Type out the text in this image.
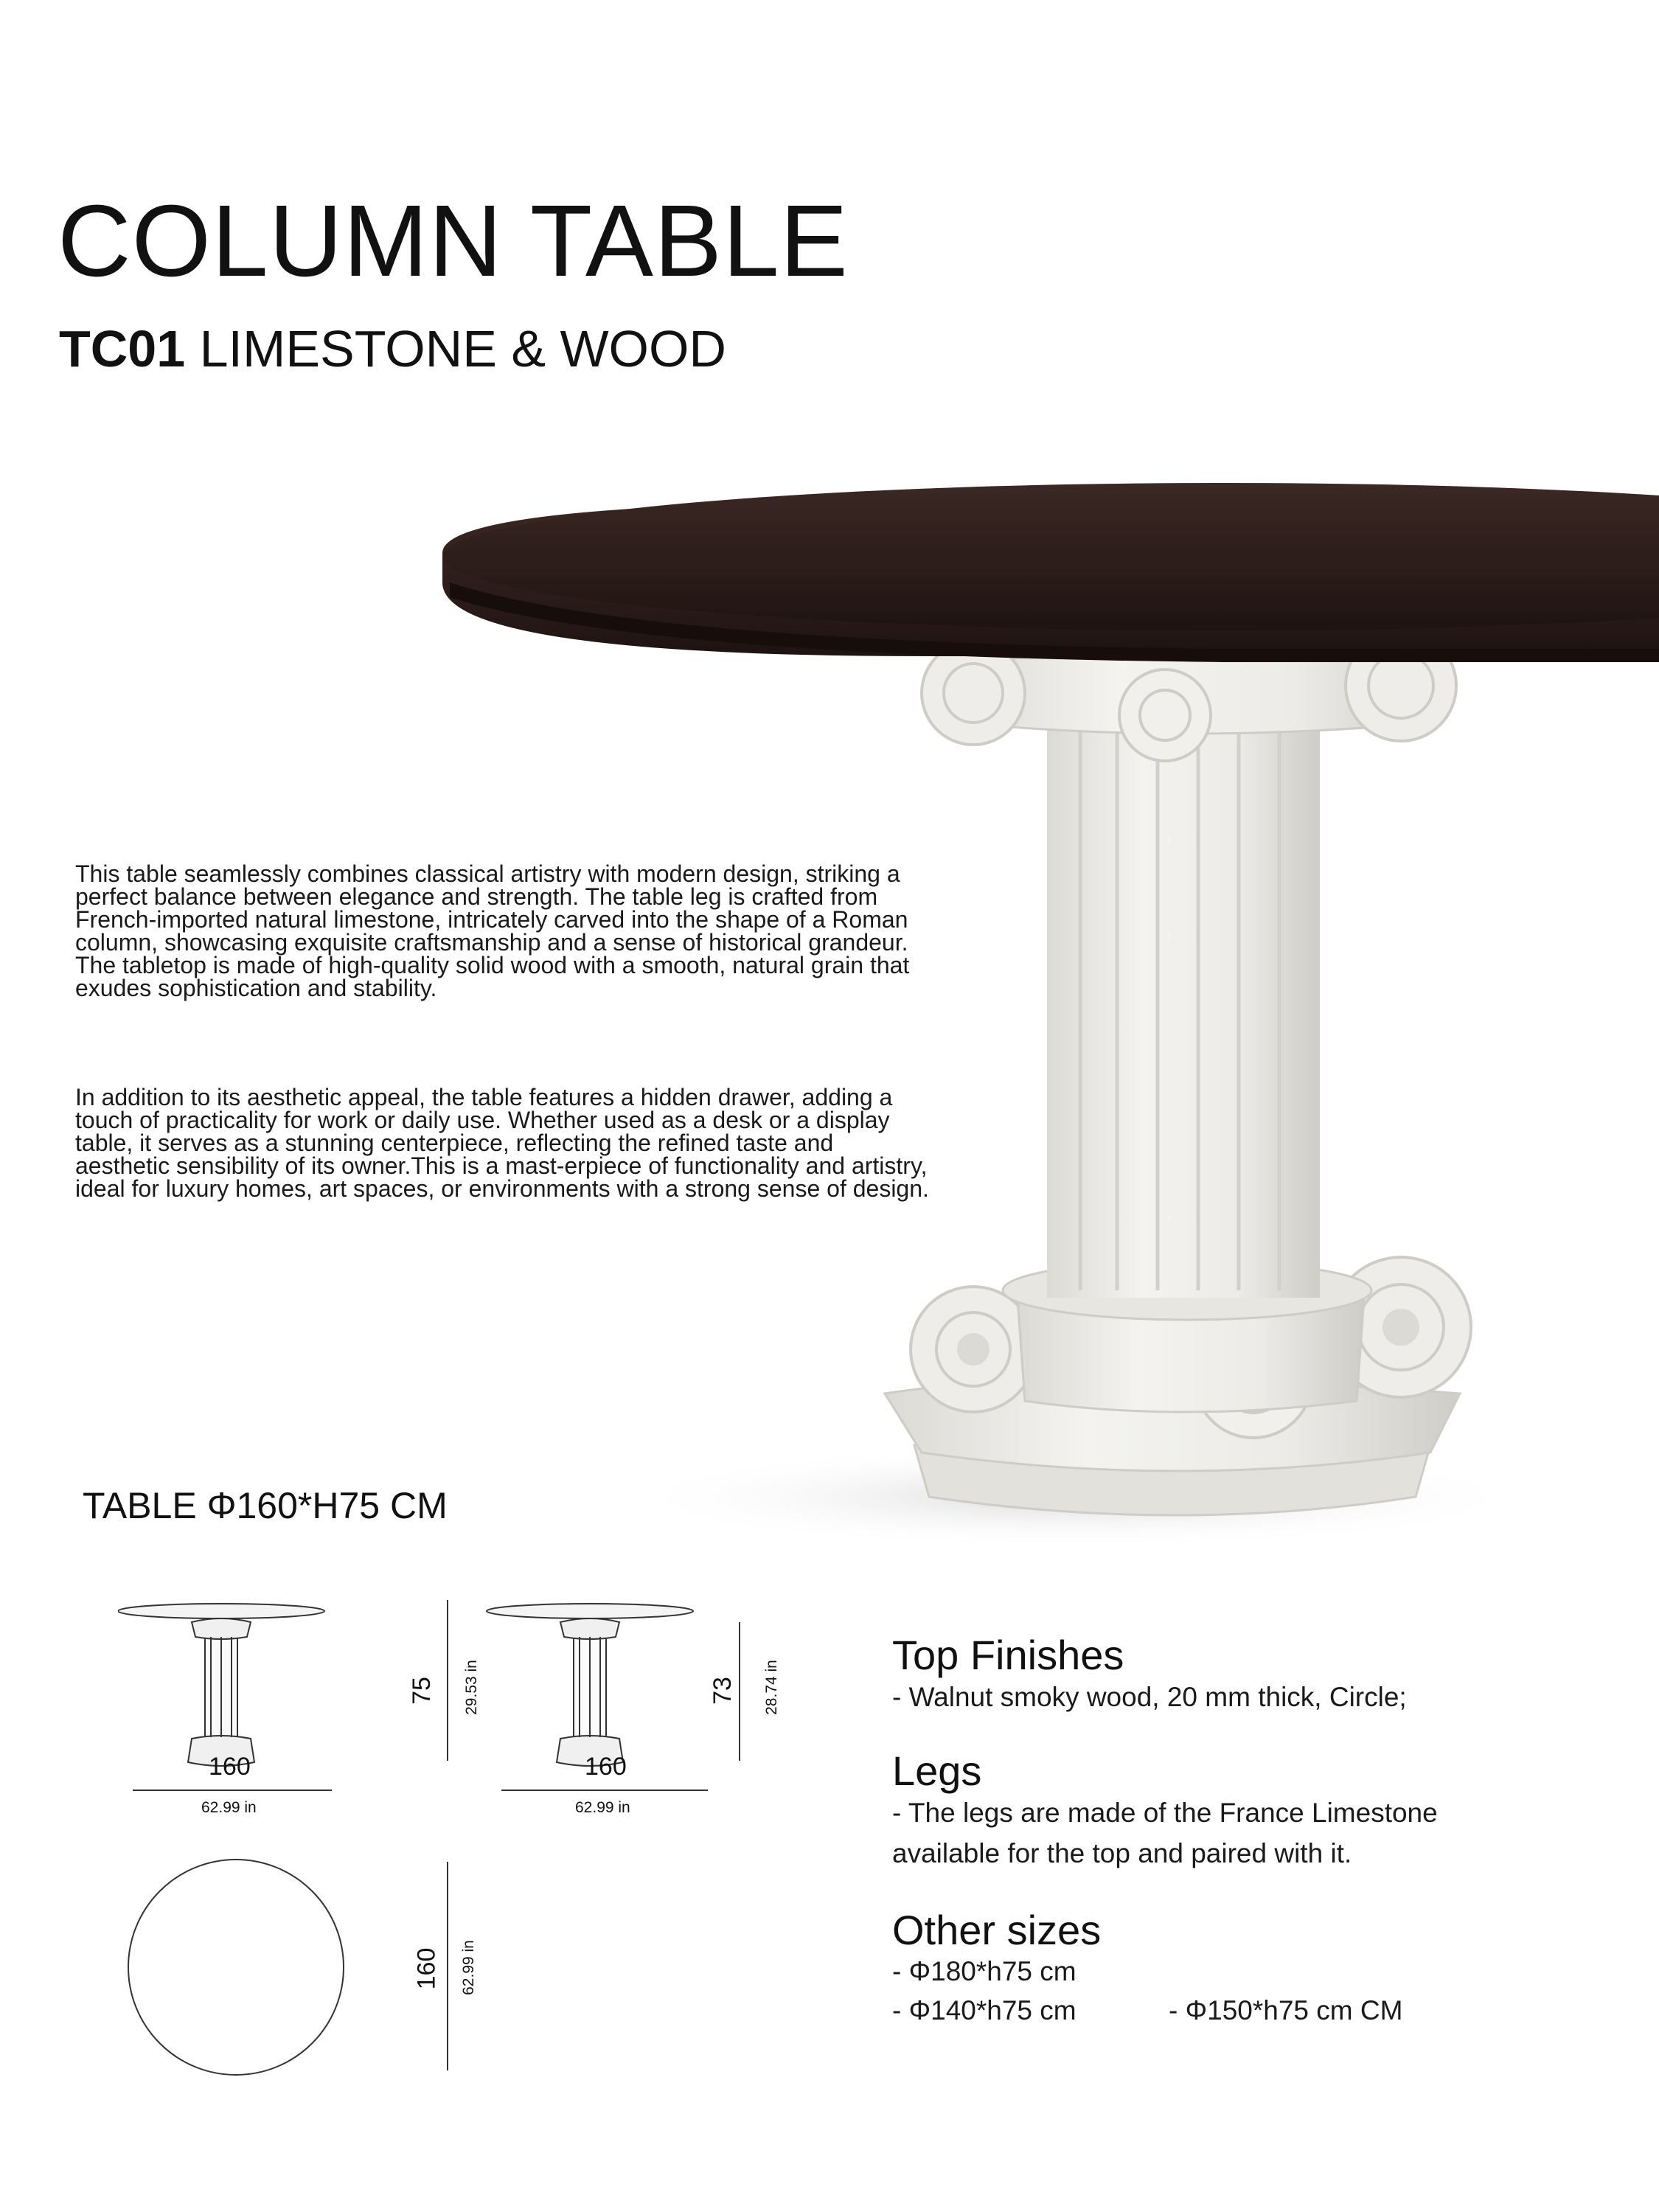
COLUMN TABLE
TC01 LIMESTONE & WOOD
This table seamlessly combines classical artistry with modern design, striking a perfect balance between elegance and strength. The table leg is crafted from French-imported natural limestone, intricately carved into the shape of a Roman column, showcasing exquisite craftsmanship and a sense of historical grandeur. The tabletop is made of high-quality solid wood with a smooth, natural grain that exudes sophistication and stability.
In addition to its aesthetic appeal, the table features a hidden drawer, adding a touch of practicality for work or daily use. Whether used as a desk or a display table, it serves as a stunning centerpiece, reflecting the refined taste and aesthetic sensibility of its owner.This is a mast-erpiece of functionality and artistry, ideal for luxury homes, art spaces, or environments with a strong sense of design.
TABLE Φ160*H75 CM
160
62.99 in
75 29.53 in
160
62.99 in
73 28.74 in
160 62.99 in
Top Finishes
- Walnut smoky wood, 20 mm thick, Circle;
Legs
- The legs are made of the France Limestone
available for the top and paired with it.
Other sizes
- Φ180*h75 cm
- Φ140*h75 cm	- Φ150*h75 cm CM
